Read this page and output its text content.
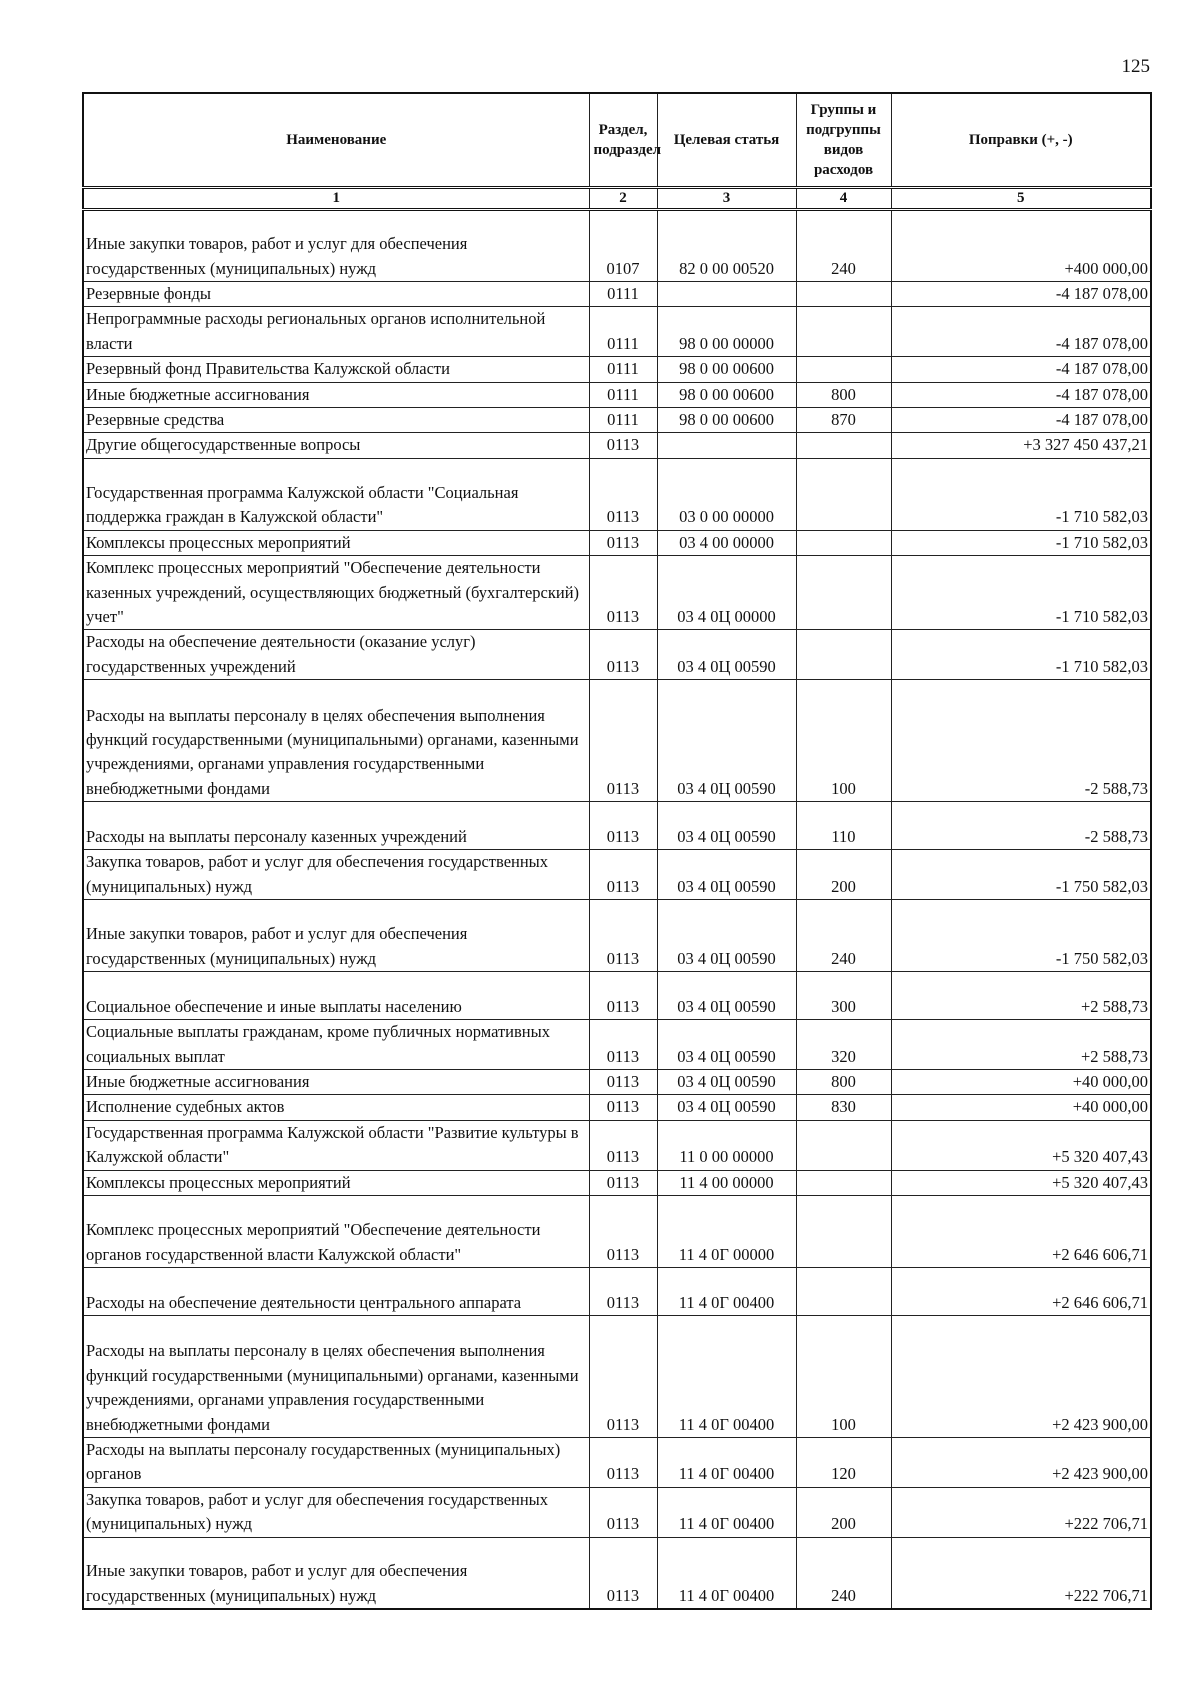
125
Наименование	Раздел, подраздел	Целевая статья	Группы и подгруппы видов расходов	Поправки (+, -)
1	2	3	4	5
Иные закупки товаров, работ и услуг для обеспечения государственных (муниципальных) нужд	0107	82 0 00 00520	240	+400 000,00
Резервные фонды	0111			-4 187 078,00
Непрограммные расходы региональных органов исполнительной власти	0111	98 0 00 00000		-4 187 078,00
Резервный фонд Правительства Калужской области	0111	98 0 00 00600		-4 187 078,00
Иные бюджетные ассигнования	0111	98 0 00 00600	800	-4 187 078,00
Резервные средства	0111	98 0 00 00600	870	-4 187 078,00
Другие общегосударственные вопросы	0113			+3 327 450 437,21
Государственная программа Калужской области "Социальная поддержка граждан в Калужской области"	0113	03 0 00 00000		-1 710 582,03
Комплексы процессных мероприятий	0113	03 4 00 00000		-1 710 582,03
Комплекс процессных мероприятий "Обеспечение деятельности казенных учреждений, осуществляющих бюджетный (бухгалтерский) учет"	0113	03 4 0Ц 00000		-1 710 582,03
Расходы на обеспечение деятельности (оказание услуг) государственных учреждений	0113	03 4 0Ц 00590		-1 710 582,03
Расходы на выплаты персоналу в целях обеспечения выполнения функций государственными (муниципальными) органами, казенными учреждениями, органами управления государственными внебюджетными фондами	0113	03 4 0Ц 00590	100	-2 588,73
Расходы на выплаты персоналу казенных учреждений	0113	03 4 0Ц 00590	110	-2 588,73
Закупка товаров, работ и услуг для обеспечения государственных (муниципальных) нужд	0113	03 4 0Ц 00590	200	-1 750 582,03
Иные закупки товаров, работ и услуг для обеспечения государственных (муниципальных) нужд	0113	03 4 0Ц 00590	240	-1 750 582,03
Социальное обеспечение и иные выплаты населению	0113	03 4 0Ц 00590	300	+2 588,73
Социальные выплаты гражданам, кроме публичных нормативных социальных выплат	0113	03 4 0Ц 00590	320	+2 588,73
Иные бюджетные ассигнования	0113	03 4 0Ц 00590	800	+40 000,00
Исполнение судебных актов	0113	03 4 0Ц 00590	830	+40 000,00
Государственная программа Калужской области "Развитие культуры в Калужской области"	0113	11 0 00 00000		+5 320 407,43
Комплексы процессных мероприятий	0113	11 4 00 00000		+5 320 407,43
Комплекс процессных мероприятий "Обеспечение деятельности органов государственной власти Калужской области"	0113	11 4 0Г 00000		+2 646 606,71
Расходы на обеспечение деятельности центрального аппарата	0113	11 4 0Г 00400		+2 646 606,71
Расходы на выплаты персоналу в целях обеспечения выполнения функций государственными (муниципальными) органами, казенными учреждениями, органами управления государственными внебюджетными фондами	0113	11 4 0Г 00400	100	+2 423 900,00
Расходы на выплаты персоналу государственных (муниципальных) органов	0113	11 4 0Г 00400	120	+2 423 900,00
Закупка товаров, работ и услуг для обеспечения государственных (муниципальных) нужд	0113	11 4 0Г 00400	200	+222 706,71
Иные закупки товаров, работ и услуг для обеспечения государственных (муниципальных) нужд	0113	11 4 0Г 00400	240	+222 706,71
